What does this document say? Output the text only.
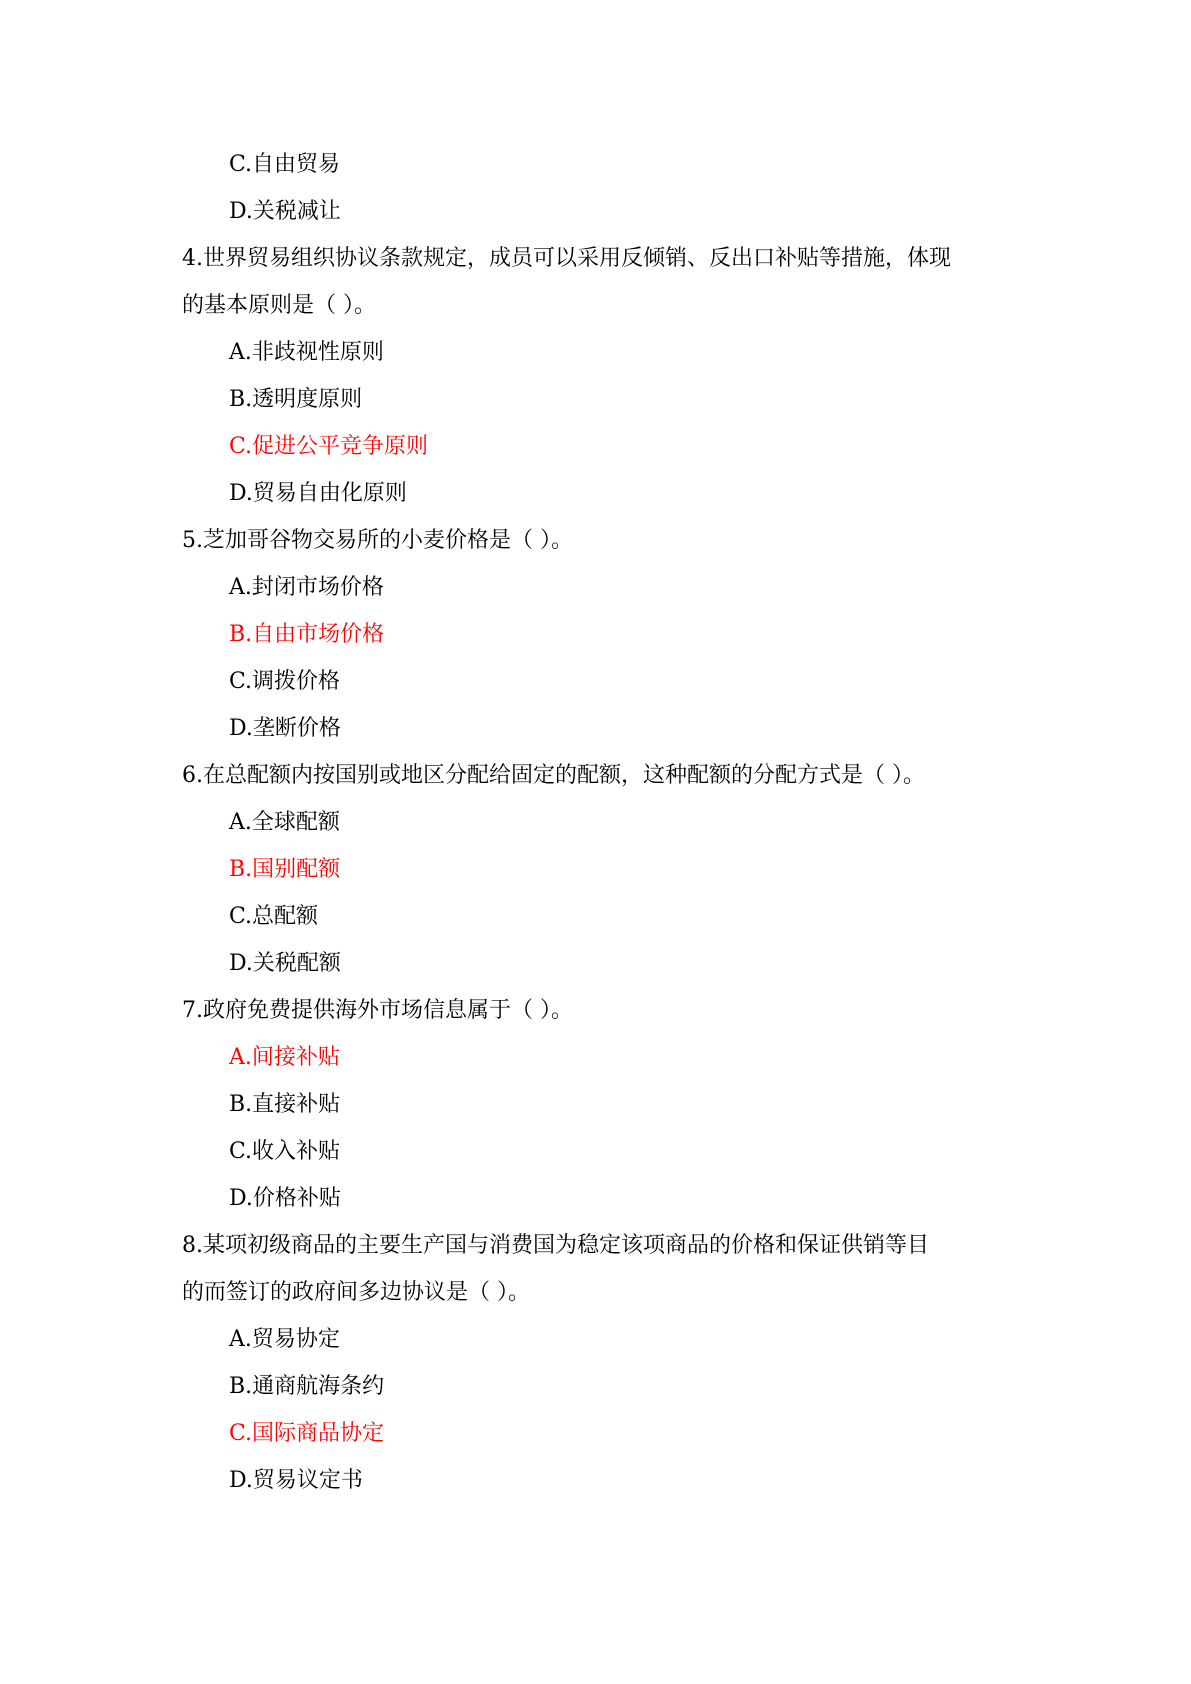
C.自由贸易
D.关税减让
4.世界贸易组织协议条款规定，成员可以采用反倾销、反出口补贴等措施，体现
的基本原则是（ ）。
A.非歧视性原则
B.透明度原则
C.促进公平竞争原则
D.贸易自由化原则
5.芝加哥谷物交易所的小麦价格是（ ）。
A.封闭市场价格
B.自由市场价格
C.调拨价格
D.垄断价格
6.在总配额内按国别或地区分配给固定的配额，这种配额的分配方式是（ ）。
A.全球配额
B.国别配额
C.总配额
D.关税配额
7.政府免费提供海外市场信息属于（ ）。
A.间接补贴
B.直接补贴
C.收入补贴
D.价格补贴
8.某项初级商品的主要生产国与消费国为稳定该项商品的价格和保证供销等目
的而签订的政府间多边协议是（ ）。
A.贸易协定
B.通商航海条约
C.国际商品协定
D.贸易议定书
